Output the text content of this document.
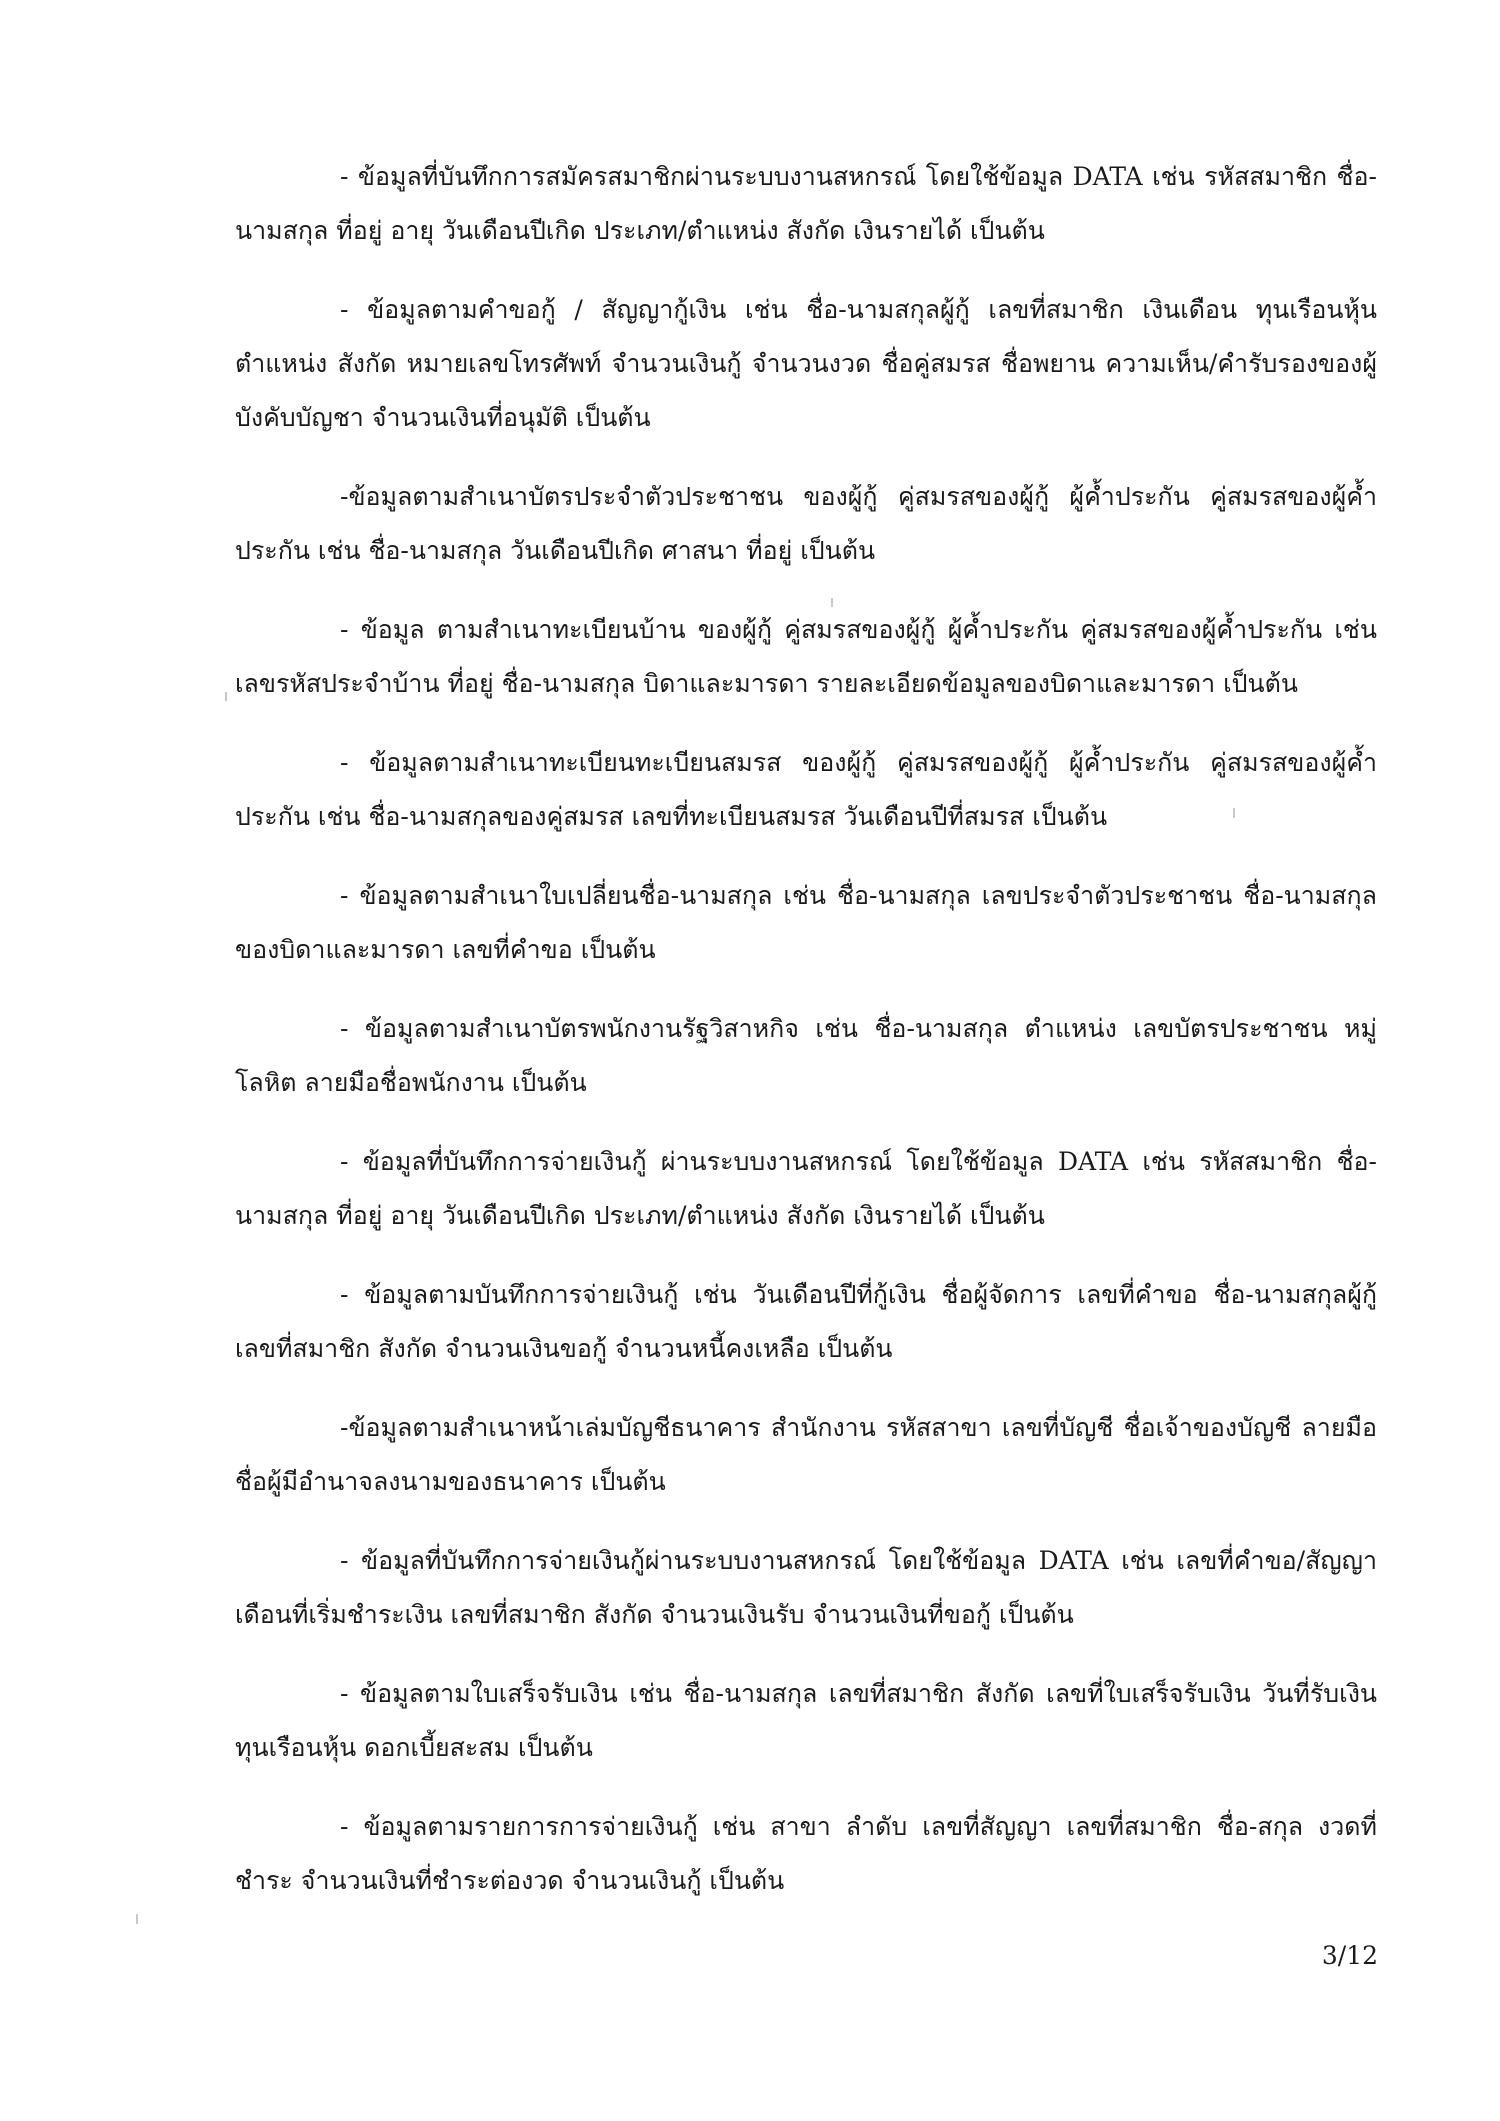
- ข้อมูลที่บันทึกการสมัครสมาชิกผ่านระบบงานสหกรณ์ โดยใช้ข้อมูล DATA เช่น รหัสสมาชิก ชื่อ-นามสกุล ที่อยู่ อายุ วันเดือนปีเกิด ประเภท/ตำแหน่ง สังกัด เงินรายได้ เป็นต้น

- ข้อมูลตามคำขอกู้ / สัญญากู้เงิน เช่น ชื่อ-นามสกุลผู้กู้ เลขที่สมาชิก เงินเดือน ทุนเรือนหุ้น ตำแหน่ง สังกัด หมายเลขโทรศัพท์ จำนวนเงินกู้ จำนวนงวด ชื่อคู่สมรส ชื่อพยาน ความเห็น/คำรับรองของผู้บังคับบัญชา จำนวนเงินที่อนุมัติ เป็นต้น

-ข้อมูลตามสำเนาบัตรประจำตัวประชาชน ของผู้กู้ คู่สมรสของผู้กู้ ผู้ค้ำประกัน คู่สมรสของผู้ค้ำประกัน เช่น ชื่อ-นามสกุล วันเดือนปีเกิด ศาสนา ที่อยู่ เป็นต้น

- ข้อมูล ตามสำเนาทะเบียนบ้าน ของผู้กู้ คู่สมรสของผู้กู้ ผู้ค้ำประกัน คู่สมรสของผู้ค้ำประกัน เช่น เลขรหัสประจำบ้าน ที่อยู่ ชื่อ-นามสกุล บิดาและมารดา รายละเอียดข้อมูลของบิดาและมารดา เป็นต้น

- ข้อมูลตามสำเนาทะเบียนทะเบียนสมรส ของผู้กู้ คู่สมรสของผู้กู้ ผู้ค้ำประกัน คู่สมรสของผู้ค้ำประกัน เช่น ชื่อ-นามสกุลของคู่สมรส เลขที่ทะเบียนสมรส วันเดือนปีที่สมรส เป็นต้น

- ข้อมูลตามสำเนาใบเปลี่ยนชื่อ-นามสกุล เช่น ชื่อ-นามสกุล เลขประจำตัวประชาชน ชื่อ-นามสกุลของบิดาและมารดา เลขที่คำขอ เป็นต้น

- ข้อมูลตามสำเนาบัตรพนักงานรัฐวิสาหกิจ เช่น ชื่อ-นามสกุล ตำแหน่ง เลขบัตรประชาชน หมู่โลหิต ลายมือชื่อพนักงาน เป็นต้น

- ข้อมูลที่บันทึกการจ่ายเงินกู้ ผ่านระบบงานสหกรณ์ โดยใช้ข้อมูล DATA เช่น รหัสสมาชิก ชื่อ-นามสกุล ที่อยู่ อายุ วันเดือนปีเกิด ประเภท/ตำแหน่ง สังกัด เงินรายได้ เป็นต้น

- ข้อมูลตามบันทึกการจ่ายเงินกู้ เช่น วันเดือนปีที่กู้เงิน ชื่อผู้จัดการ เลขที่คำขอ ชื่อ-นามสกุลผู้กู้ เลขที่สมาชิก สังกัด จำนวนเงินขอกู้ จำนวนหนี้คงเหลือ เป็นต้น

-ข้อมูลตามสำเนาหน้าเล่มบัญชีธนาคาร สำนักงาน รหัสสาขา เลขที่บัญชี ชื่อเจ้าของบัญชี ลายมือชื่อผู้มีอำนาจลงนามของธนาคาร เป็นต้น

- ข้อมูลที่บันทึกการจ่ายเงินกู้ผ่านระบบงานสหกรณ์ โดยใช้ข้อมูล DATA เช่น เลขที่คำขอ/สัญญา เดือนที่เริ่มชำระเงิน เลขที่สมาชิก สังกัด จำนวนเงินรับ จำนวนเงินที่ขอกู้ เป็นต้น

- ข้อมูลตามใบเสร็จรับเงิน เช่น ชื่อ-นามสกุล เลขที่สมาชิก สังกัด เลขที่ใบเสร็จรับเงิน วันที่รับเงิน ทุนเรือนหุ้น ดอกเบี้ยสะสม เป็นต้น

- ข้อมูลตามรายการการจ่ายเงินกู้ เช่น สาขา ลำดับ เลขที่สัญญา เลขที่สมาชิก ชื่อ-สกุล งวดที่ชำระ จำนวนเงินที่ชำระต่องวด จำนวนเงินกู้ เป็นต้น

3/12
